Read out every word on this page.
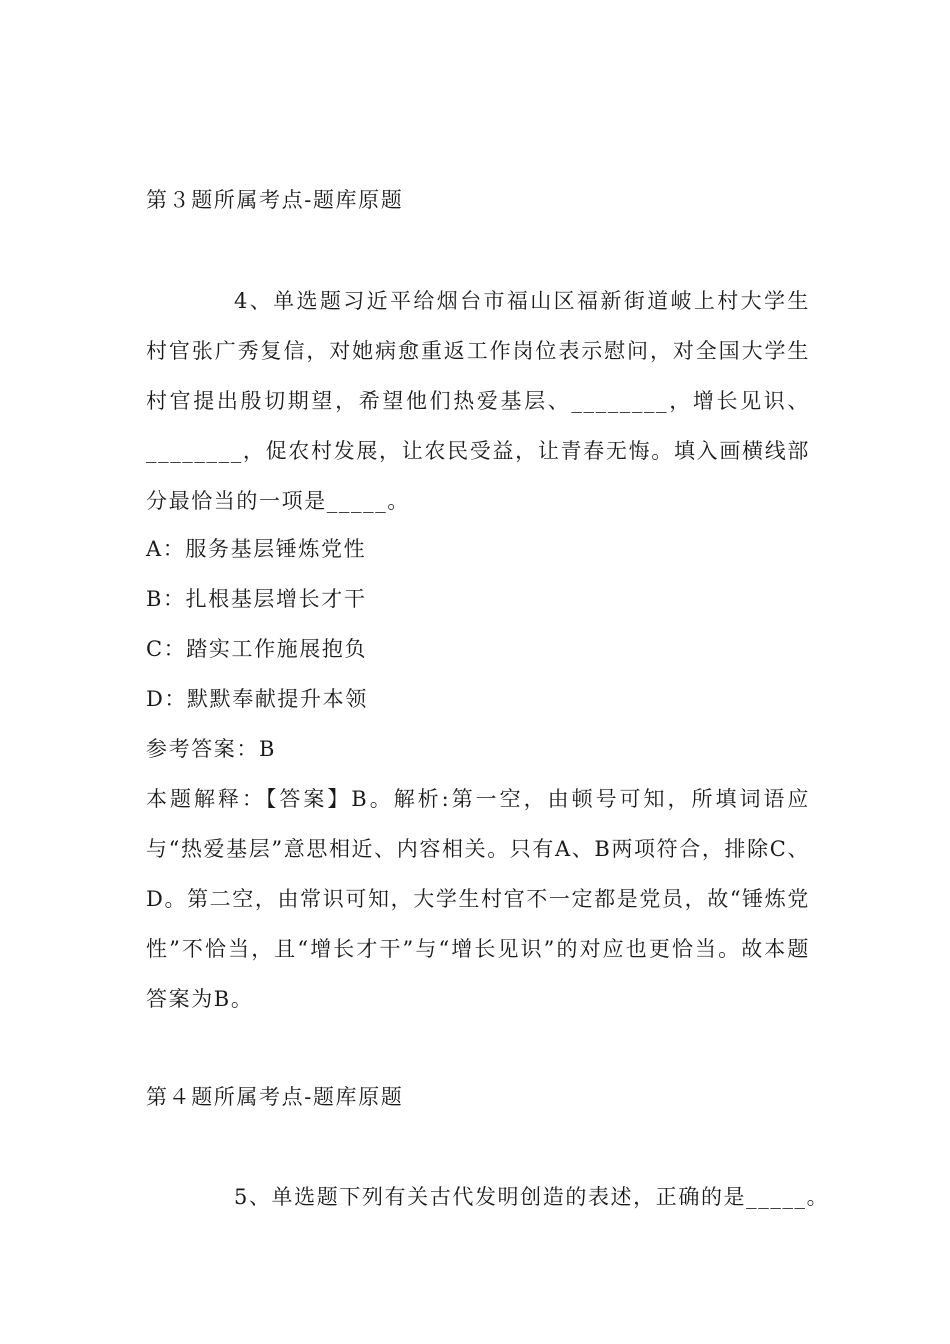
第３题所属考点-题库原题
4、单选题习近平给烟台市福山区福新街道岥上村大学生村官张广秀复信，对她病愈重返工作岗位表示慰问，对全国大学生村官提出殷切期望，希望他们热爱基层、________，增长见识、________，促农村发展，让农民受益，让青春无悔。填入画横线部分最恰当的一项是_____。
A：服务基层锤炼党性
B：扎根基层增长才干
C：踏实工作施展抱负
D：默默奉献提升本领
参考答案：B
本题解释：【答案】B。解析:第一空，由顿号可知，所填词语应与“热爱基层”意思相近、内容相关。只有A、B两项符合，排除C、D。第二空，由常识可知，大学生村官不一定都是党员，故“锤炼党性”不恰当，且“增长才干”与“增长见识”的对应也更恰当。故本题答案为B。
第４题所属考点-题库原题
5、单选题下列有关古代发明创造的表述，正确的是_____。
